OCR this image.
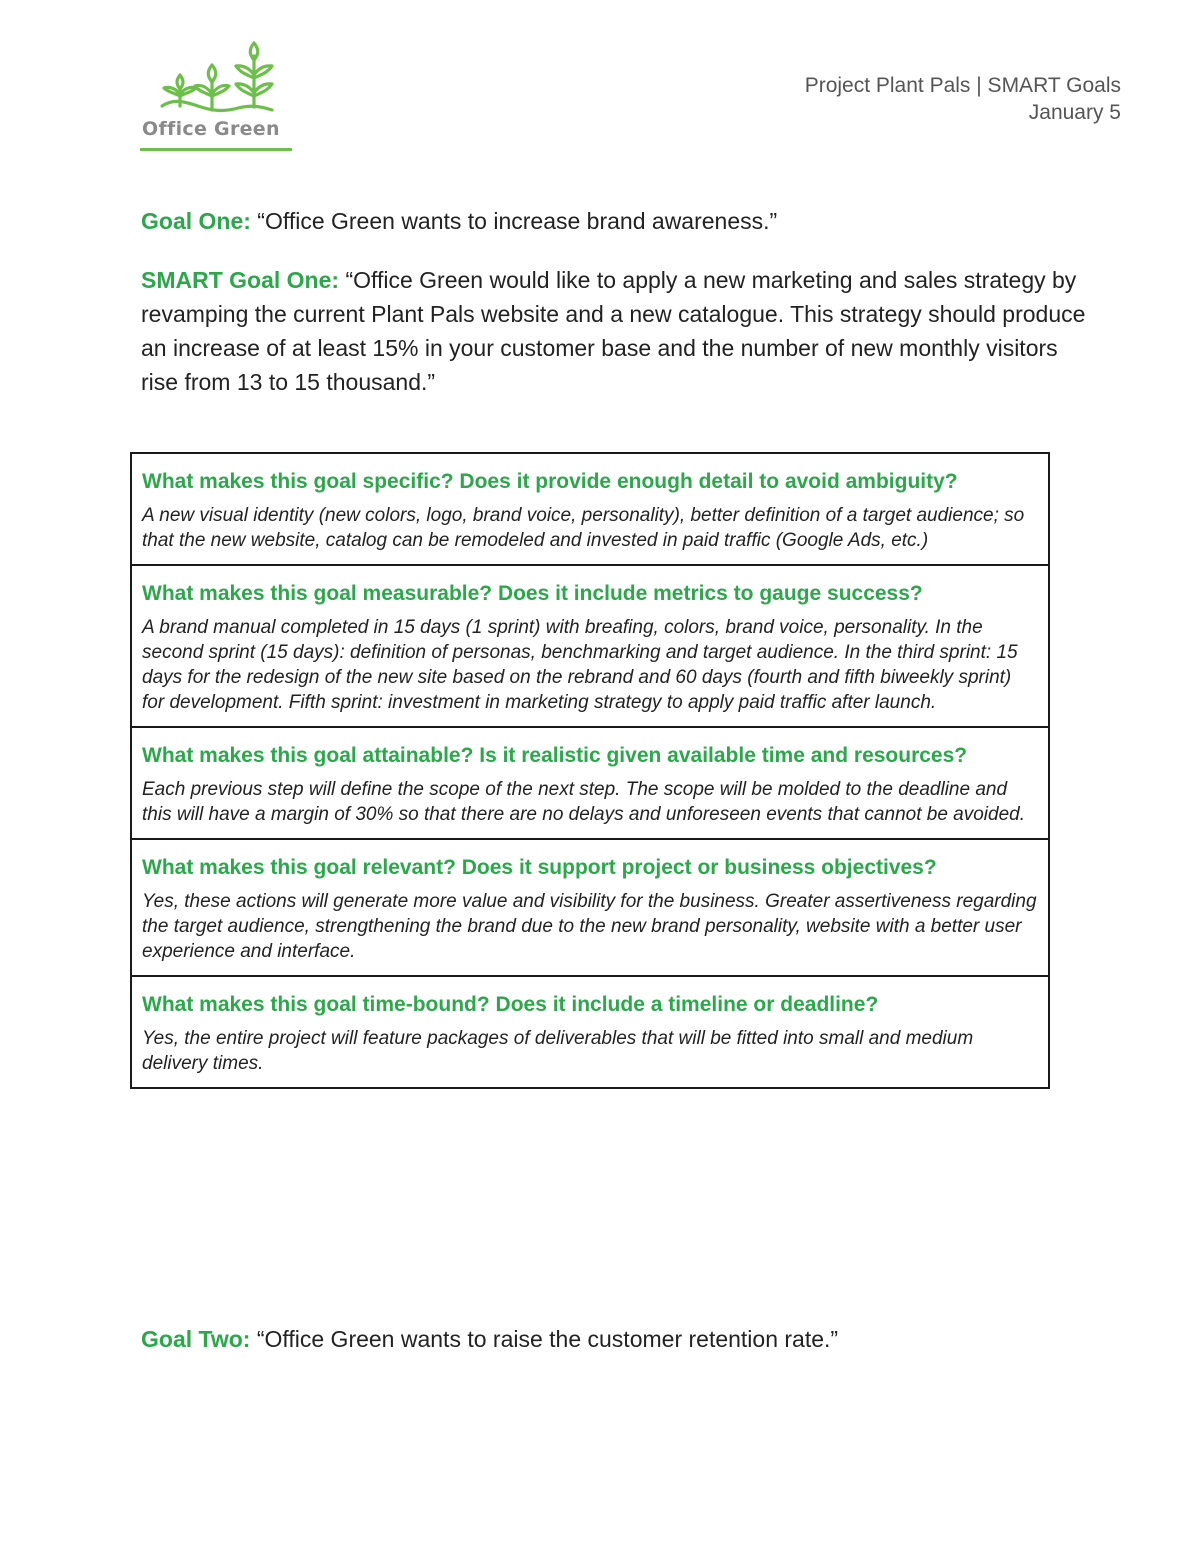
Office Green
Project Plant Pals | SMART Goals
January 5
Goal One: “Office Green wants to increase brand awareness.”
SMART Goal One: “Office Green would like to apply a new marketing and sales strategy by revamping the current Plant Pals website and a new catalogue. This strategy should produce an increase of at least 15% in your customer base and the number of new monthly visitors rise from 13 to 15 thousand.”
What makes this goal specific? Does it provide enough detail to avoid ambiguity?
A new visual identity (new colors, logo, brand voice, personality), better definition of a target audience; so that the new website, catalog can be remodeled and invested in paid traffic (Google Ads, etc.)

What makes this goal measurable? Does it include metrics to gauge success?
A brand manual completed in 15 days (1 sprint) with breafing, colors, brand voice, personality. In the second sprint (15 days): definition of personas, benchmarking and target audience. In the third sprint: 15 days for the redesign of the new site based on the rebrand and 60 days (fourth and fifth biweekly sprint) for development. Fifth sprint: investment in marketing strategy to apply paid traffic after launch.

What makes this goal attainable? Is it realistic given available time and resources?
Each previous step will define the scope of the next step. The scope will be molded to the deadline and this will have a margin of 30% so that there are no delays and unforeseen events that cannot be avoided.

What makes this goal relevant? Does it support project or business objectives?
Yes, these actions will generate more value and visibility for the business. Greater assertiveness regarding the target audience, strengthening the brand due to the new brand personality, website with a better user experience and interface.

What makes this goal time-bound? Does it include a timeline or deadline?
Yes, the entire project will feature packages of deliverables that will be fitted into small and medium delivery times.
Goal Two: “Office Green wants to raise the customer retention rate.”
